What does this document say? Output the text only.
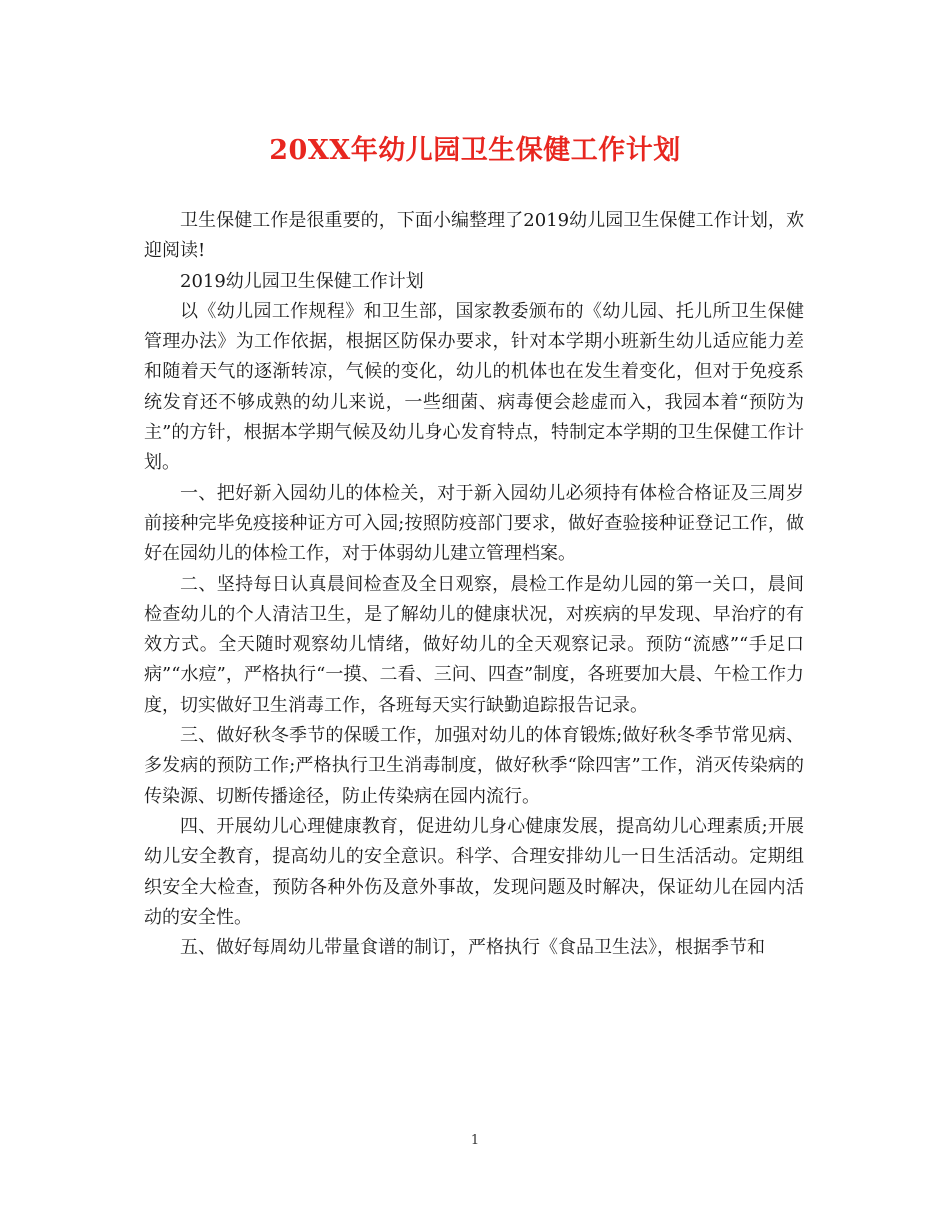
20XX年幼儿园卫生保健工作计划

卫生保健工作是很重要的，下面小编整理了2019幼儿园卫生保健工作计划，欢迎阅读!

2019幼儿园卫生保健工作计划

以《幼儿园工作规程》和卫生部，国家教委颁布的《幼儿园、托儿所卫生保健管理办法》为工作依据，根据区防保办要求，针对本学期小班新生幼儿适应能力差和随着天气的逐渐转凉，气候的变化，幼儿的机体也在发生着变化，但对于免疫系统发育还不够成熟的幼儿来说，一些细菌、病毒便会趁虚而入，我园本着“预防为主”的方针，根据本学期气候及幼儿身心发育特点，特制定本学期的卫生保健工作计划。

一、把好新入园幼儿的体检关，对于新入园幼儿必须持有体检合格证及三周岁前接种完毕免疫接种证方可入园;按照防疫部门要求，做好查验接种证登记工作，做好在园幼儿的体检工作，对于体弱幼儿建立管理档案。

二、坚持每日认真晨间检查及全日观察，晨检工作是幼儿园的第一关口，晨间检查幼儿的个人清洁卫生，是了解幼儿的健康状况，对疾病的早发现、早治疗的有效方式。全天随时观察幼儿情绪，做好幼儿的全天观察记录。预防“流感”“手足口病”“水痘”，严格执行“一摸、二看、三问、四查”制度，各班要加大晨、午检工作力度，切实做好卫生消毒工作，各班每天实行缺勤追踪报告记录。

三、做好秋冬季节的保暖工作，加强对幼儿的体育锻炼;做好秋冬季节常见病、多发病的预防工作;严格执行卫生消毒制度，做好秋季“除四害”工作，消灭传染病的传染源、切断传播途径，防止传染病在园内流行。

四、开展幼儿心理健康教育，促进幼儿身心健康发展，提高幼儿心理素质;开展幼儿安全教育，提高幼儿的安全意识。科学、合理安排幼儿一日生活活动。定期组织安全大检查，预防各种外伤及意外事故，发现问题及时解决，保证幼儿在园内活动的安全性。

五、做好每周幼儿带量食谱的制订，严格执行《食品卫生法》，根据季节和

1
